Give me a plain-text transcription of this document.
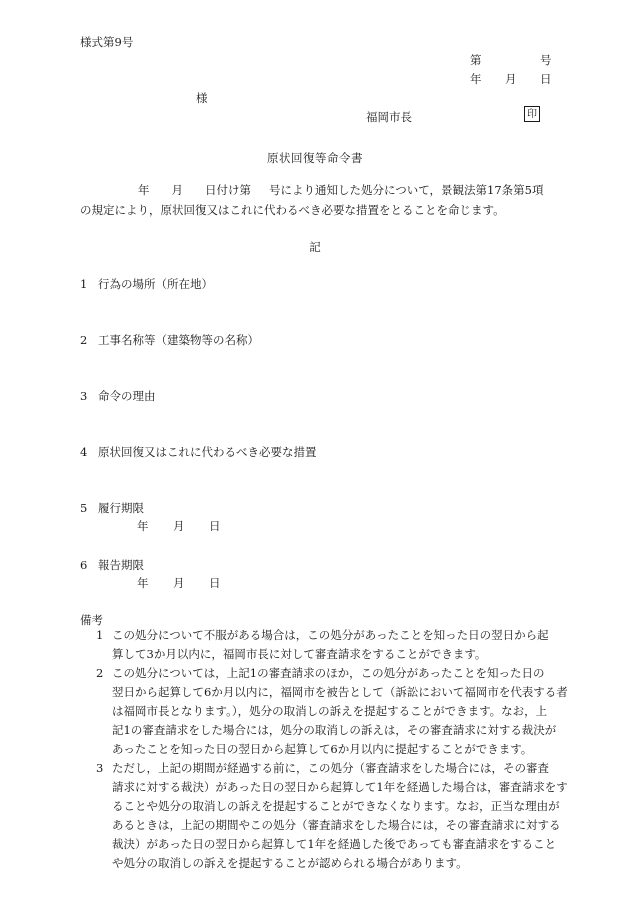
様式第9号
第	号
年 月 日
様
福岡市長	印
原状回復等命令書
年 月 日付け第 号により通知した処分について，景観法第17条第5項
の規定により，原状回復又はこれに代わるべき必要な措置をとることを命じます。
記
1 行為の場所（所在地）
2 工事名称等（建築物等の名称）
3 命令の理由
4 原状回復又はこれに代わるべき必要な措置
5 履行期限
年 月 日
6 報告期限
年 月 日
備考
1 この処分について不服がある場合は，この処分があったことを知った日の翌日から起
算して3か月以内に，福岡市長に対して審査請求をすることができます。
2 この処分については，上記1の審査請求のほか，この処分があったことを知った日の
翌日から起算して6か月以内に，福岡市を被告として（訴訟において福岡市を代表する者
は福岡市長となります。），処分の取消しの訴えを提起することができます。なお，上
記1の審査請求をした場合には，処分の取消しの訴えは，その審査請求に対する裁決が
あったことを知った日の翌日から起算して6か月以内に提起することができます。
3 ただし，上記の期間が経過する前に，この処分（審査請求をした場合には，その審査
請求に対する裁決）があった日の翌日から起算して1年を経過した場合は，審査請求をす
ることや処分の取消しの訴えを提起することができなくなります。なお，正当な理由が
あるときは，上記の期間やこの処分（審査請求をした場合には，その審査請求に対する
裁決）があった日の翌日から起算して1年を経過した後であっても審査請求をすること
や処分の取消しの訴えを提起することが認められる場合があります。
